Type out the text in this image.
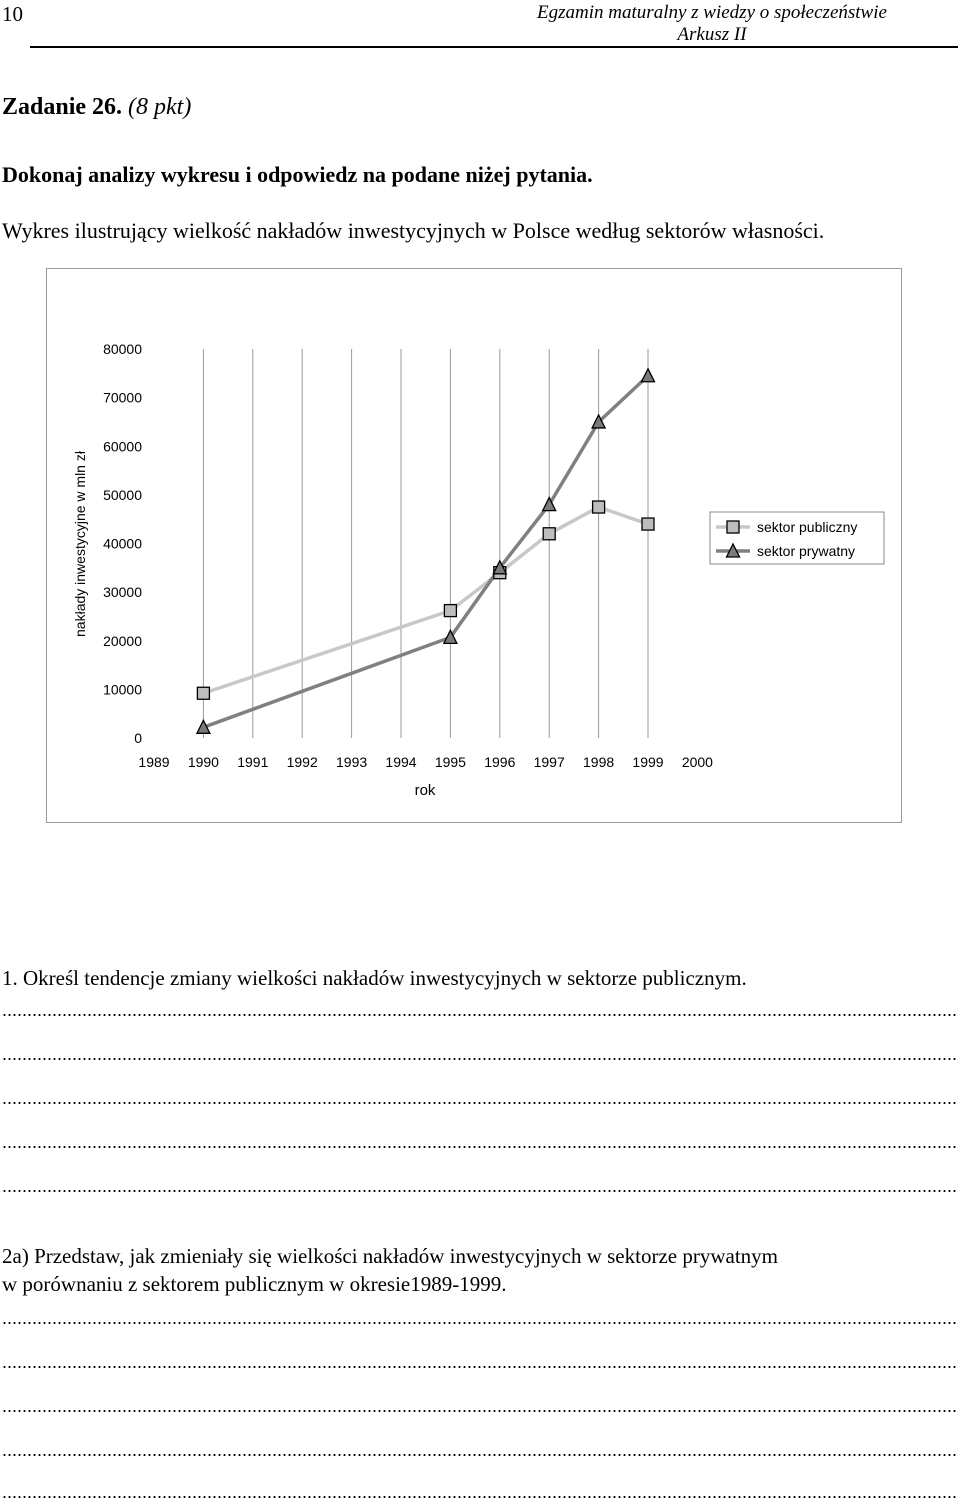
10	Egzamin maturalny z wiedzy o społeczeństwie
Arkusz II
Zadanie 26. (8 pkt)
Dokonaj analizy wykresu i odpowiedz na podane niżej pytania.
Wykres ilustrujący wielkość nakładów inwestycyjnych w Polsce według sektorów własności.
0
10000
20000
30000
40000
50000
60000
70000
80000
1989 1990 1991 1992 1993 1994 1995 1996 1997 1998 1999 2000
rok
nakłady inwestycyjne w mln zł	sektor publiczny
sektor prywatny
1. Określ tendencje zmiany wielkości nakładów inwestycyjnych w sektorze publicznym.
2a) Przedstaw, jak zmieniały się wielkości nakładów inwestycyjnych w sektorze prywatnym
w porównaniu z sektorem publicznym w okresie1989-1999.
